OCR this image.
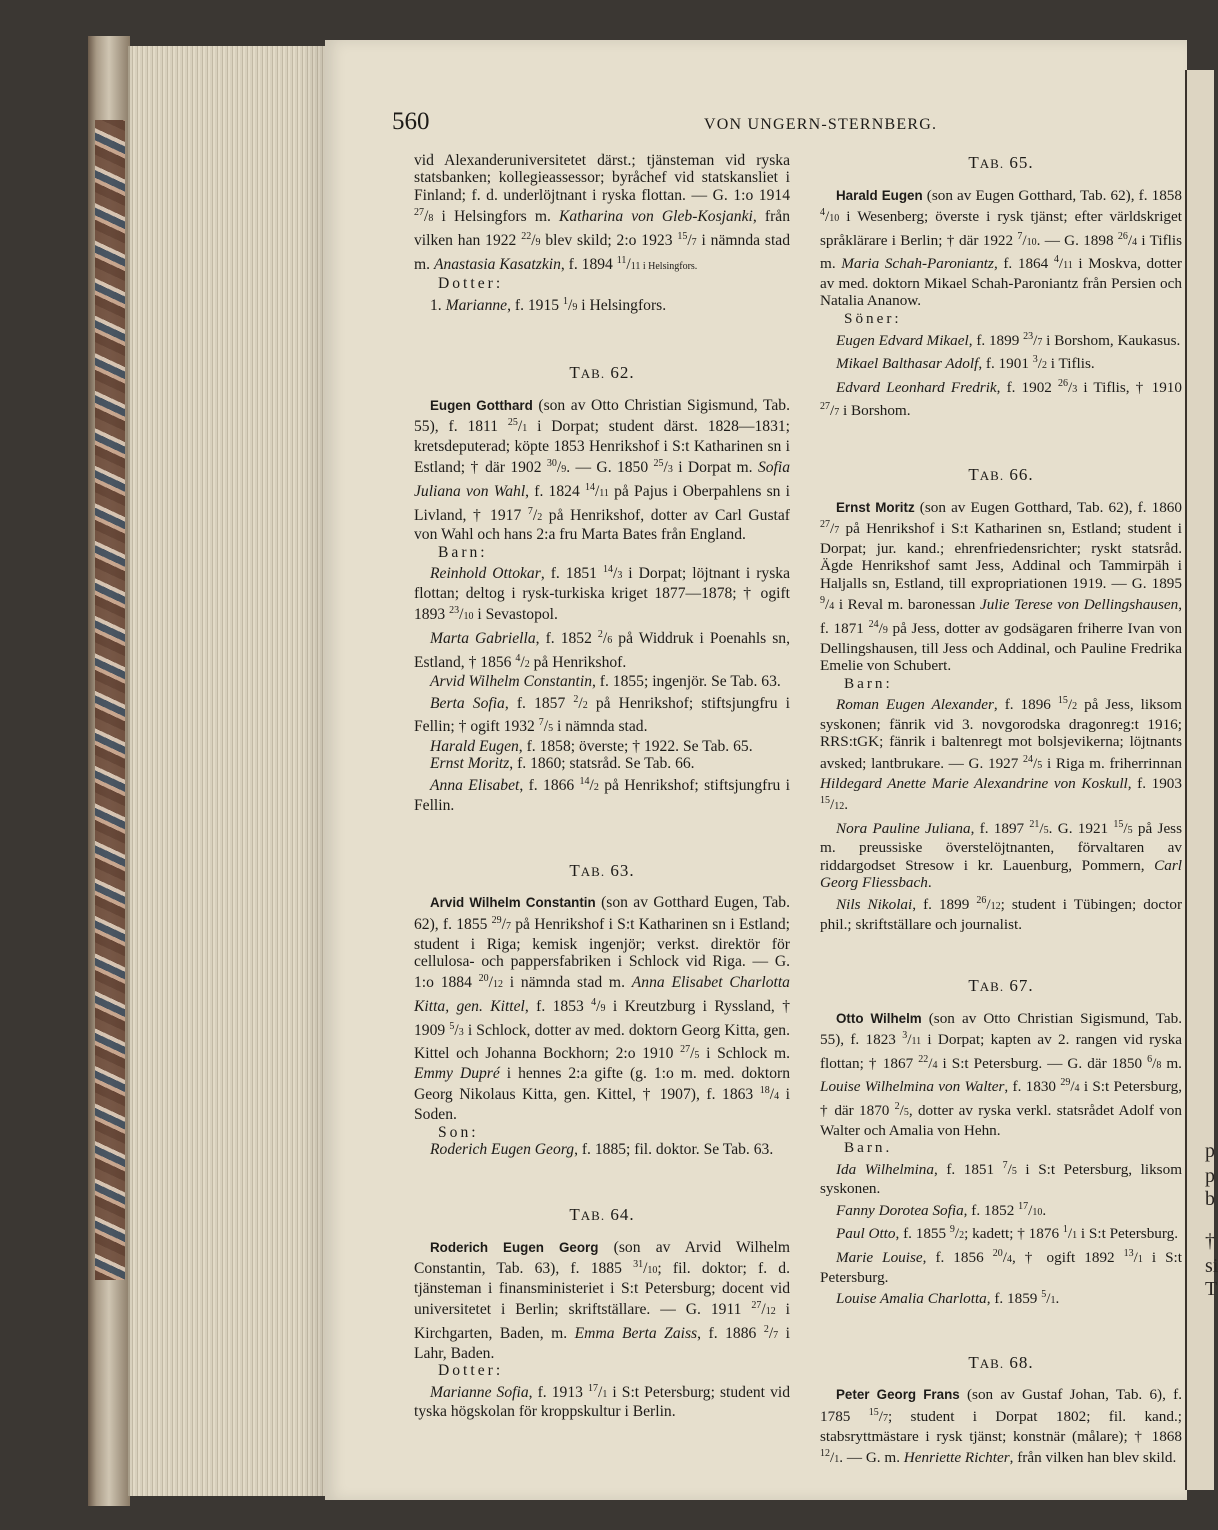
p
p
b
†
si
T
560	VON UNGERN-STERNBERG.

vid Alexanderuniversitetet därst.; tjänsteman vid ryska statsbanken; kollegieassessor; byråchef vid statskansliet i Finland; f. d. underlöjtnant i ryska flottan. — G. 1:o 1914 $^{27}$/8 i Helsingfors m. Katharina von Gleb-Kosjanki, från vilken han 1922 $^{22}$/9 blev skild; 2:o 1923 $^{15}$/7 i nämnda stad m. Anastasia Kasatzkin, f. 1894 $^{11}$/11 i Helsingfors.

Dotter:

1. Marianne, f. 1915 $^1$/9 i Helsingfors.

TAB. 62.

Eugen Gotthard (son av Otto Christian Sigismund, Tab. 55), f. 1811 $^{25}$/1 i Dorpat; student därst. 1828—1831; kretsdeputerad; köpte 1853 Henrikshof i S:t Katharinen sn i Estland; † där 1902 $^{30}$/9. — G. 1850 $^{25}$/3 i Dorpat m. Sofia Juliana von Wahl, f. 1824 $^{14}$/11 på Pajus i Oberpahlens sn i Livland, † 1917 $^7$/2 på Henrikshof, dotter av Carl Gustaf von Wahl och hans 2:a fru Marta Bates från England.

Barn:

Reinhold Ottokar, f. 1851 $^{14}$/3 i Dorpat; löjtnant i ryska flottan; deltog i rysk-turkiska kriget 1877—1878; † ogift 1893 $^{23}$/10 i Sevastopol.

Marta Gabriella, f. 1852 $^2$/6 på Widdruk i Poenahls sn, Estland, † 1856 $^4$/2 på Henrikshof.

Arvid Wilhelm Constantin, f. 1855; ingenjör. Se Tab. 63.

Berta Sofia, f. 1857 $^2$/2 på Henrikshof; stiftsjungfru i Fellin; † ogift 1932 $^7$/5 i nämnda stad.

Harald Eugen, f. 1858; överste; † 1922. Se Tab. 65.

Ernst Moritz, f. 1860; statsråd. Se Tab. 66.

Anna Elisabet, f. 1866 $^{14}$/2 på Henrikshof; stiftsjungfru i Fellin.

TAB. 63.

Arvid Wilhelm Constantin (son av Gotthard Eugen, Tab. 62), f. 1855 $^{29}$/7 på Henrikshof i S:t Katharinen sn i Estland; student i Riga; kemisk ingenjör; verkst. direktör för cellulosa- och pappersfabriken i Schlock vid Riga. — G. 1:o 1884 $^{20}$/12 i nämnda stad m. Anna Elisabet Charlotta Kitta, gen. Kittel, f. 1853 $^4$/9 i Kreutzburg i Ryssland, † 1909 $^5$/3 i Schlock, dotter av med. doktorn Georg Kitta, gen. Kittel och Johanna Bockhorn; 2:o 1910 $^{27}$/5 i Schlock m. Emmy Dupré i hennes 2:a gifte (g. 1:o m. med. doktorn Georg Nikolaus Kitta, gen. Kittel, † 1907), f. 1863 $^{18}$/4 i Soden.

Son:

Roderich Eugen Georg, f. 1885; fil. doktor. Se Tab. 63.

TAB. 64.

Roderich Eugen Georg (son av Arvid Wilhelm Constantin, Tab. 63), f. 1885 $^{31}$/10; fil. doktor; f. d. tjänsteman i finansministeriet i S:t Petersburg; docent vid universitetet i Berlin; skriftställare. — G. 1911 $^{27}$/12 i Kirchgarten, Baden, m. Emma Berta Zaiss, f. 1886 $^2$/7 i Lahr, Baden.

Dotter:

Marianne Sofia, f. 1913 $^{17}$/1 i S:t Petersburg; student vid tyska högskolan för kroppskultur i Berlin.

TAB. 65.

Harald Eugen (son av Eugen Gotthard, Tab. 62), f. 1858 $^4$/10 i Wesenberg; överste i rysk tjänst; efter världskriget språklärare i Berlin; † där 1922 $^7$/10. — G. 1898 $^{26}$/4 i Tiflis m. Maria Schah-Paroniantz, f. 1864 $^4$/11 i Moskva, dotter av med. doktorn Mikael Schah-Paroniantz från Persien och Natalia Ananow.

Söner:

Eugen Edvard Mikael, f. 1899 $^{23}$/7 i Borshom, Kaukasus.

Mikael Balthasar Adolf, f. 1901 $^3$/2 i Tiflis.

Edvard Leonhard Fredrik, f. 1902 $^{26}$/3 i Tiflis, † 1910 $^{27}$/7 i Borshom.

TAB. 66.

Ernst Moritz (son av Eugen Gotthard, Tab. 62), f. 1860 $^{27}$/7 på Henrikshof i S:t Katharinen sn, Estland; student i Dorpat; jur. kand.; ehrenfriedensrichter; ryskt statsråd. Ägde Henrikshof samt Jess, Addinal och Tammirpäh i Haljalls sn, Estland, till expropriationen 1919. — G. 1895 $^9$/4 i Reval m. baronessan Julie Terese von Dellingshausen, f. 1871 $^{24}$/9 på Jess, dotter av godsägaren friherre Ivan von Dellingshausen, till Jess och Addinal, och Pauline Fredrika Emelie von Schubert.

Barn:

Roman Eugen Alexander, f. 1896 $^{15}$/2 på Jess, liksom syskonen; fänrik vid 3. novgorodska dragonreg:t 1916; RRS:tGK; fänrik i baltenregt mot bolsjevikerna; löjtnants avsked; lantbrukare. — G. 1927 $^{24}$/5 i Riga m. friherrinnan Hildegard Anette Marie Alexandrine von Koskull, f. 1903 $^{15}$/12.

Nora Pauline Juliana, f. 1897 $^{21}$/5. G. 1921 $^{15}$/5 på Jess m. preussiske överstelöjtnanten, förvaltaren av riddargodset Stresow i kr. Lauenburg, Pommern, Carl Georg Fliessbach.

Nils Nikolai, f. 1899 $^{26}$/12; student i Tübingen; doctor phil.; skriftställare och journalist.

TAB. 67.

Otto Wilhelm (son av Otto Christian Sigismund, Tab. 55), f. 1823 $^3$/11 i Dorpat; kapten av 2. rangen vid ryska flottan; † 1867 $^{22}$/4 i S:t Petersburg. — G. där 1850 $^6$/8 m. Louise Wilhelmina von Walter, f. 1830 $^{29}$/4 i S:t Petersburg, † där 1870 $^2$/5, dotter av ryska verkl. statsrådet Adolf von Walter och Amalia von Hehn.

Barn.

Ida Wilhelmina, f. 1851 $^7$/5 i S:t Petersburg, liksom syskonen.

Fanny Dorotea Sofia, f. 1852 $^{17}$/10.

Paul Otto, f. 1855 $^9$/2; kadett; † 1876 $^1$/1 i S:t Petersburg.

Marie Louise, f. 1856 $^{20}$/4, † ogift 1892 $^{13}$/1 i S:t Petersburg.

Louise Amalia Charlotta, f. 1859 $^5$/1.

TAB. 68.

Peter Georg Frans (son av Gustaf Johan, Tab. 6), f. 1785 $^{15}$/7; student i Dorpat 1802; fil. kand.; stabsryttmästare i rysk tjänst; konstnär (målare); † 1868 $^{12}$/1. — G. m. Henriette Richter, från vilken han blev skild.
